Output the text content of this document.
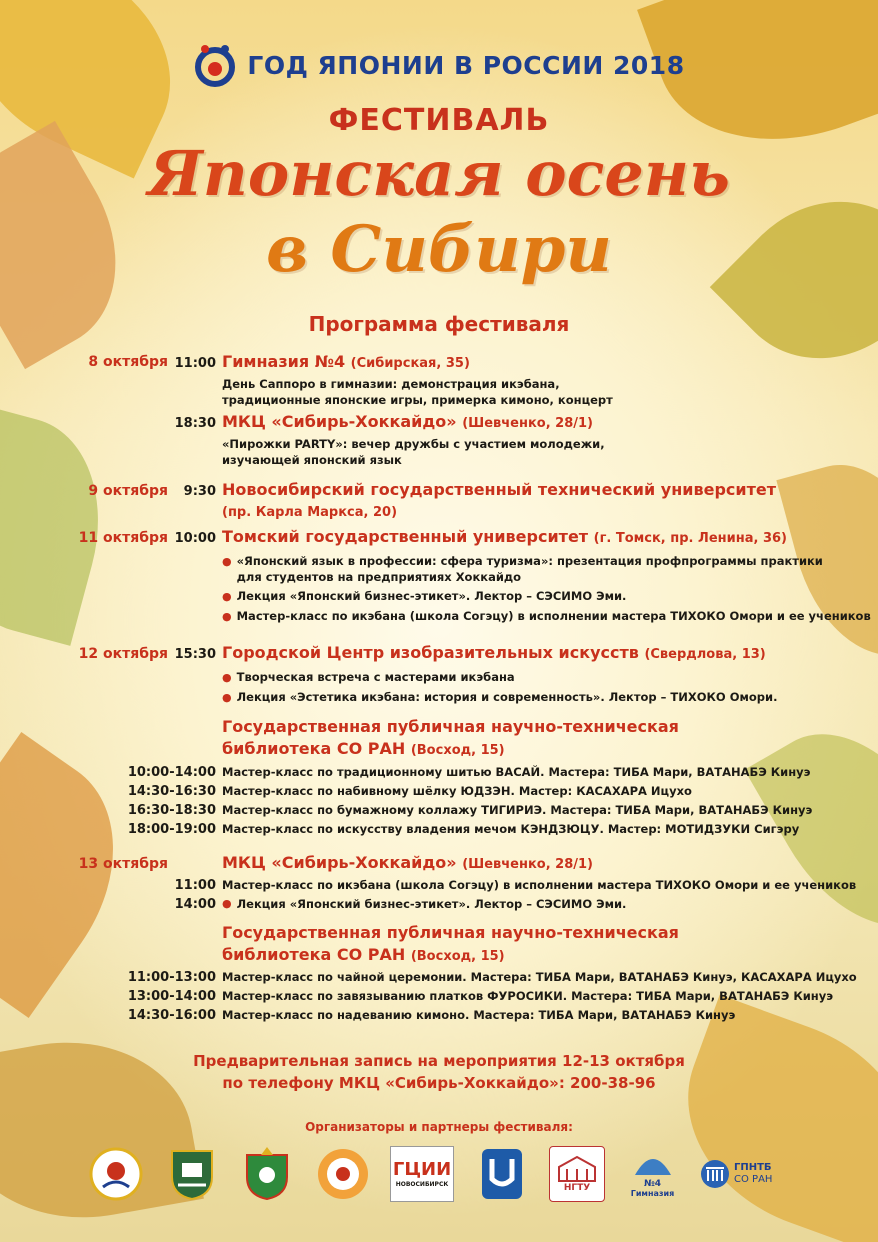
ГОД ЯПОНИИ В РОССИИ 2018
ФЕСТИВАЛЬ
Японская осень
в Сибири
Программа фестиваля
8 октября 11:00 Гимназия №4 (Сибирская, 35)
День Саппоро в гимназии: демонстрация икэбана,
традиционные японские игры, примерка кимоно, концерт
18:30 МКЦ «Сибирь-Хоккайдо» (Шевченко, 28/1)
«Пирожки PARTY»: вечер дружбы с участием молодежи,
изучающей японский язык
9 октября	9:30 Новосибирский государственный технический университет
(пр. Карла Маркса, 20)
11 октября 10:00 Томский государственный университет (г. Томск, пр. Ленина, 36)
● «Японский язык в профессии: сфера туризма»: презентация профпрограммы практики
для студентов на предприятиях Хоккайдо
● Лекция «Японский бизнес-этикет». Лектор – СЭСИМО Эми.
● Мастер-класс по икэбана (школа Согэцу) в исполнении мастера ТИХОКО Омори и ее учеников
12 октября 15:30 Городской Центр изобразительных искусств (Свердлова, 13)
● Творческая встреча с мастерами икэбана
● Лекция «Эстетика икэбана: история и современность». Лектор – ТИХОКО Омори.
Государственная публичная научно-техническая
библиотека СО РАН (Восход, 15)
10:00-14:00 Мастер-класс по традиционному шитью ВАСАЙ. Мастера: ТИБА Мари, ВАТАНАБЭ Кинуэ
14:30-16:30 Мастер-класс по набивному шёлку ЮДЗЭН. Мастер: КАСАХАРА Ицухо
16:30-18:30 Мастер-класс по бумажному коллажу ТИГИРИЭ. Мастера: ТИБА Мари, ВАТАНАБЭ Кинуэ
18:00-19:00 Мастер-класс по искусству владения мечом КЭНДЗЮЦУ. Мастер: МОТИДЗУКИ Сигэру
13 октября	МКЦ «Сибирь-Хоккайдо» (Шевченко, 28/1)
11:00 Мастер-класс по икэбана (школа Согэцу) в исполнении мастера ТИХОКО Омори и ее учеников
14:00 ● Лекция «Японский бизнес-этикет». Лектор – СЭСИМО Эми.
Государственная публичная научно-техническая
библиотека СО РАН (Восход, 15)
11:00-13:00 Мастер-класс по чайной церемонии. Мастера: ТИБА Мари, ВАТАНАБЭ Кинуэ, КАСАХАРА Ицухо
13:00-14:00 Мастер-класс по завязыванию платков ФУРОСИКИ. Мастера: ТИБА Мари, ВАТАНАБЭ Кинуэ
14:30-16:00 Мастер-класс по надеванию кимоно. Мастера: ТИБА Мари, ВАТАНАБЭ Кинуэ
Предварительная запись на мероприятия 12-13 октября
по телефону МКЦ «Сибирь-Хоккайдо»: 200-38-96
Организаторы и партнеры фестиваля:
ГЦИИ
НОВОСИБИРСК	НГТУ	№4
Гимназия
ГПНТБ
СО РАН
